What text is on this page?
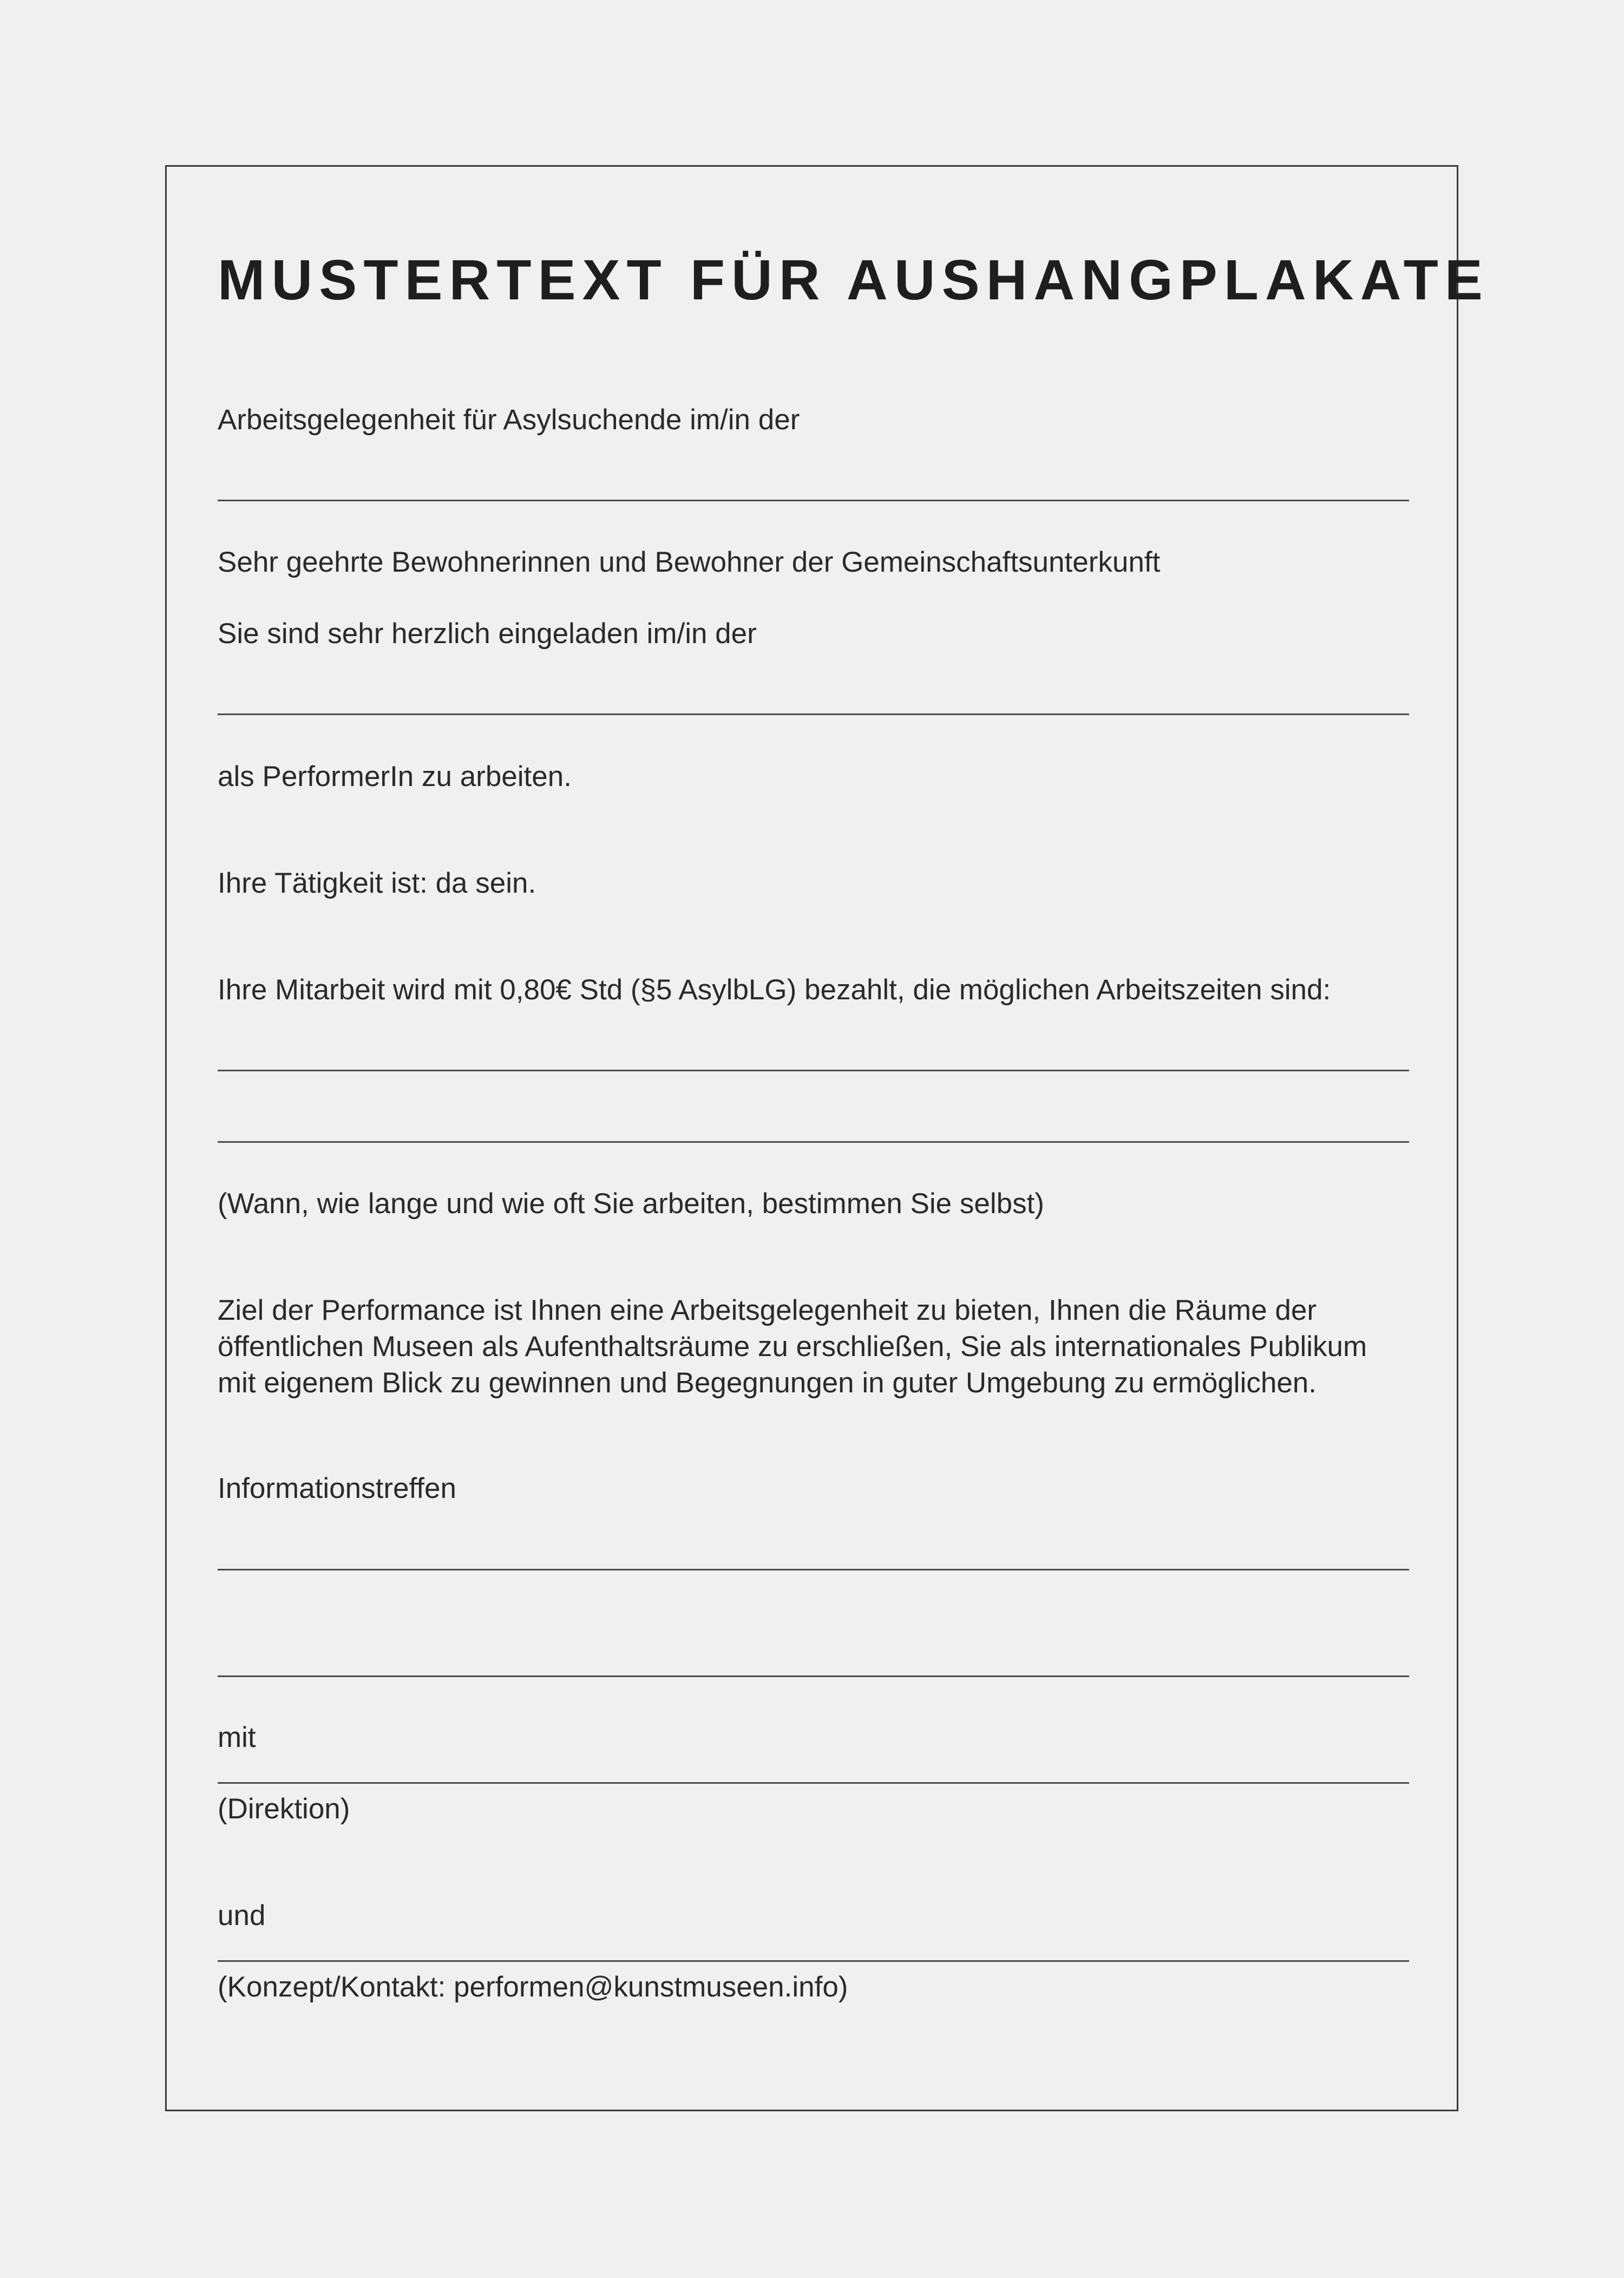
MUSTERTEXT FÜR AUSHANGPLAKATE

Arbeitsgelegenheit für Asylsuchende im/in der

Sehr geehrte Bewohnerinnen und Bewohner der Gemeinschaftsunterkunft

Sie sind sehr herzlich eingeladen im/in der

als PerformerIn zu arbeiten.

Ihre Tätigkeit ist: da sein.

Ihre Mitarbeit wird mit 0,80€ Std (§5 AsylbLG) bezahlt, die möglichen Arbeitszeiten sind:

(Wann, wie lange und wie oft Sie arbeiten, bestimmen Sie selbst)

Ziel der Performance ist Ihnen eine Arbeitsgelegenheit zu bieten, Ihnen die Räume der öffentlichen Museen als Aufenthaltsräume zu erschließen, Sie als internationales Publikum mit eigenem Blick zu gewinnen und Begegnungen in guter Umgebung zu ermöglichen.

Informationstreffen

mit

(Direktion)

und

(Konzept/Kontakt: performen@kunstmuseen.info)
